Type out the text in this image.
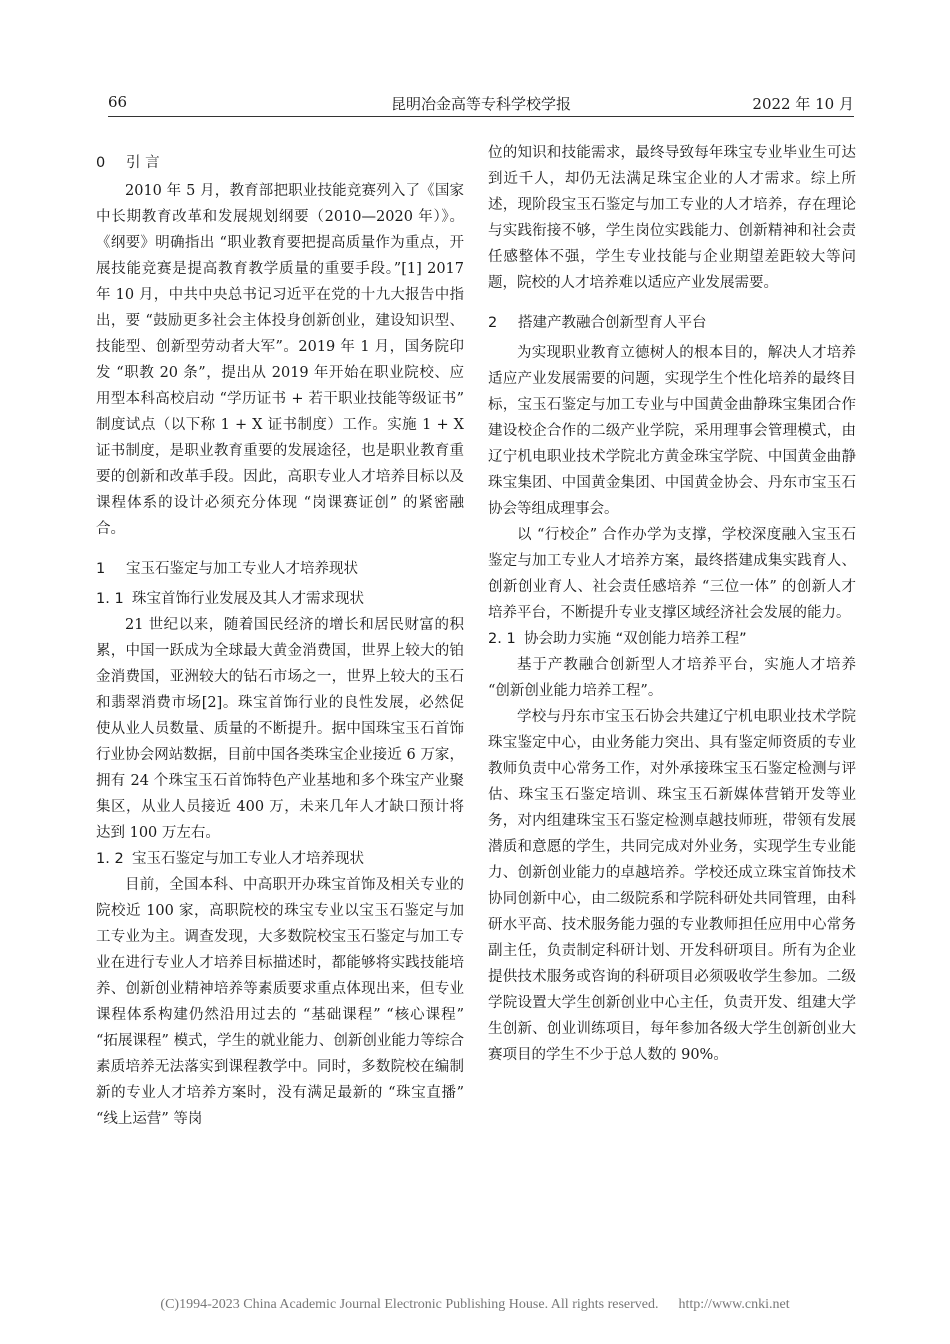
66	昆明冶金高等专科学校学报	2022 年 10 月

0 引 言

2010 年 5 月，教育部把职业技能竞赛列入了《国家中长期教育改革和发展规划纲要（2010—2020 年）》。《纲要》明确指出 “职业教育要把提高质量作为重点，开展技能竞赛是提高教育教学质量的重要手段。”[1] 2017 年 10 月，中共中央总书记习近平在党的十九大报告中指出，要 “鼓励更多社会主体投身创新创业，建设知识型、技能型、创新型劳动者大军”。2019 年 1 月，国务院印发 “职教 20 条”，提出从 2019 年开始在职业院校、应用型本科高校启动 “学历证书 + 若干职业技能等级证书” 制度试点（以下称 1 + X 证书制度）工作。实施 1 + X 证书制度，是职业教育重要的发展途径，也是职业教育重要的创新和改革手段。因此，高职专业人才培养目标以及课程体系的设计必须充分体现 “岗课赛证创” 的紧密融合。

1 宝玉石鉴定与加工专业人才培养现状

1. 1 珠宝首饰行业发展及其人才需求现状

21 世纪以来，随着国民经济的增长和居民财富的积累，中国一跃成为全球最大黄金消费国，世界上较大的铂金消费国，亚洲较大的钻石市场之一，世界上较大的玉石和翡翠消费市场[2]。珠宝首饰行业的良性发展，必然促使从业人员数量、质量的不断提升。据中国珠宝玉石首饰行业协会网站数据，目前中国各类珠宝企业接近 6 万家，拥有 24 个珠宝玉石首饰特色产业基地和多个珠宝产业聚集区，从业人员接近 400 万，未来几年人才缺口预计将达到 100 万左右。

1. 2 宝玉石鉴定与加工专业人才培养现状

目前，全国本科、中高职开办珠宝首饰及相关专业的院校近 100 家，高职院校的珠宝专业以宝玉石鉴定与加工专业为主。调查发现，大多数院校宝玉石鉴定与加工专业在进行专业人才培养目标描述时，都能够将实践技能培养、创新创业精神培养等素质要求重点体现出来，但专业课程体系构建仍然沿用过去的 “基础课程” “核心课程” “拓展课程” 模式，学生的就业能力、创新创业能力等综合素质培养无法落实到课程教学中。同时，多数院校在编制新的专业人才培养方案时，没有满足最新的 “珠宝直播” “线上运营” 等岗

位的知识和技能需求，最终导致每年珠宝专业毕业生可达到近千人，却仍无法满足珠宝企业的人才需求。综上所述，现阶段宝玉石鉴定与加工专业的人才培养，存在理论与实践衔接不够，学生岗位实践能力、创新精神和社会责任感整体不强，学生专业技能与企业期望差距较大等问题，院校的人才培养难以适应产业发展需要。

2 搭建产教融合创新型育人平台

为实现职业教育立德树人的根本目的，解决人才培养适应产业发展需要的问题，实现学生个性化培养的最终目标，宝玉石鉴定与加工专业与中国黄金曲静珠宝集团合作建设校企合作的二级产业学院，采用理事会管理模式，由辽宁机电职业技术学院北方黄金珠宝学院、中国黄金曲静珠宝集团、中国黄金集团、中国黄金协会、丹东市宝玉石协会等组成理事会。

以 “行校企” 合作办学为支撑，学校深度融入宝玉石鉴定与加工专业人才培养方案，最终搭建成集实践育人、创新创业育人、社会责任感培养 “三位一体” 的创新人才培养平台，不断提升专业支撑区域经济社会发展的能力。

2. 1 协会助力实施 “双创能力培养工程”

基于产教融合创新型人才培养平台，实施人才培养 “创新创业能力培养工程”。

学校与丹东市宝玉石协会共建辽宁机电职业技术学院珠宝鉴定中心，由业务能力突出、具有鉴定师资质的专业教师负责中心常务工作，对外承接珠宝玉石鉴定检测与评估、珠宝玉石鉴定培训、珠宝玉石新媒体营销开发等业务，对内组建珠宝玉石鉴定检测卓越技师班，带领有发展潜质和意愿的学生，共同完成对外业务，实现学生专业能力、创新创业能力的卓越培养。学校还成立珠宝首饰技术协同创新中心，由二级院系和学院科研处共同管理，由科研水平高、技术服务能力强的专业教师担任应用中心常务副主任，负责制定科研计划、开发科研项目。所有为企业提供技术服务或咨询的科研项目必须吸收学生参加。二级学院设置大学生创新创业中心主任，负责开发、组建大学生创新、创业训练项目，每年参加各级大学生创新创业大赛项目的学生不少于总人数的 90%。

(C)1994-2023 China Academic Journal Electronic Publishing House. All rights reserved. http://www.cnki.net
